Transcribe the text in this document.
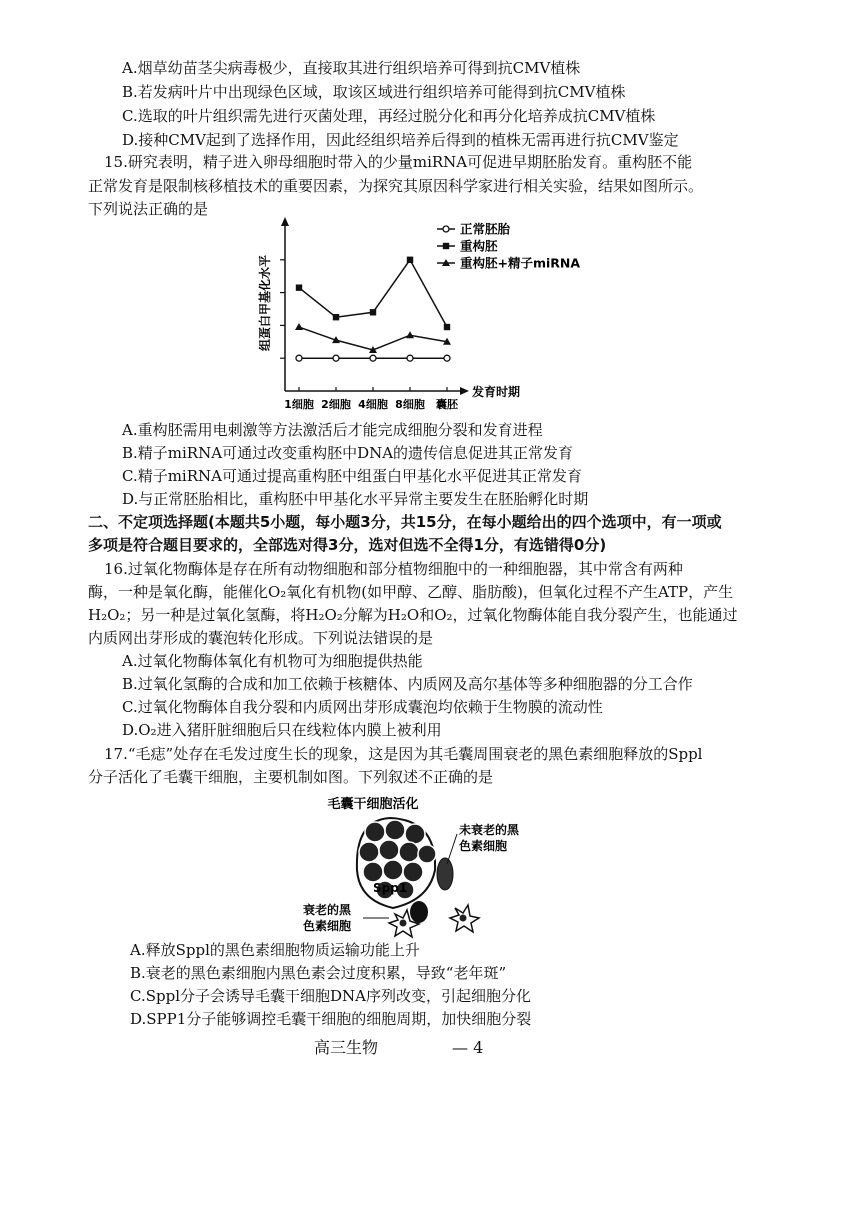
A.烟草幼苗茎尖病毒极少，直接取其进行组织培养可得到抗CMV植株
B.若发病叶片中出现绿色区域，取该区域进行组织培养可能得到抗CMV植株
C.选取的叶片组织需先进行灭菌处理，再经过脱分化和再分化培养成抗CMV植株
D.接种CMV起到了选择作用，因此经组织培养后得到的植株无需再进行抗CMV鉴定
15.研究表明，精子进入卵母细胞时带入的少量miRNA可促进早期胚胎发育。重构胚不能
正常发育是限制核移植技术的重要因素，为探究其原因科学家进行相关实验，结果如图所示。
下列说法正确的是
1细胞 2细胞 4细胞 8细胞 囊胚
组蛋白甲基化水平
发育时期
正常胚胎
重构胚
重构胚+精子miRNA
A.重构胚需用电刺激等方法激活后才能完成细胞分裂和发育进程
B.精子miRNA可通过改变重构胚中DNA的遗传信息促进其正常发育
C.精子miRNA可通过提高重构胚中组蛋白甲基化水平促进其正常发育
D.与正常胚胎相比，重构胚中甲基化水平异常主要发生在胚胎孵化时期
二、不定项选择题(本题共5小题，每小题3分，共15分，在每小题给出的四个选项中，有一项或
多项是符合题目要求的，全部选对得3分，选对但选不全得1分，有选错得0分)
16.过氧化物酶体是存在所有动物细胞和部分植物细胞中的一种细胞器，其中常含有两种
酶，一种是氧化酶，能催化O₂氧化有机物(如甲醇、乙醇、脂肪酸)，但氧化过程不产生ATP，产生
H₂O₂；另一种是过氧化氢酶，将H₂O₂分解为H₂O和O₂，过氧化物酶体能自我分裂产生，也能通过
内质网出芽形成的囊泡转化形成。下列说法错误的是
A.过氧化物酶体氧化有机物可为细胞提供热能
B.过氧化氢酶的合成和加工依赖于核糖体、内质网及高尔基体等多种细胞器的分工合作
C.过氧化物酶体自我分裂和内质网出芽形成囊泡均依赖于生物膜的流动性
D.O₂进入猪肝脏细胞后只在线粒体内膜上被利用
17.“毛痣”处存在毛发过度生长的现象，这是因为其毛囊周围衰老的黑色素细胞释放的Sppl
分子活化了毛囊干细胞，主要机制如图。下列叙述不正确的是
毛囊干细胞活化
未衰老的黑
色素细胞
Spp1
衰老的黑
色素细胞
A.释放Sppl的黑色素细胞物质运输功能上升
B.衰老的黑色素细胞内黑色素会过度积累，导致“老年斑”
C.Sppl分子会诱导毛囊干细胞DNA序列改变，引起细胞分化
D.SPP1分子能够调控毛囊干细胞的细胞周期，加快细胞分裂
高三生物	— 4
